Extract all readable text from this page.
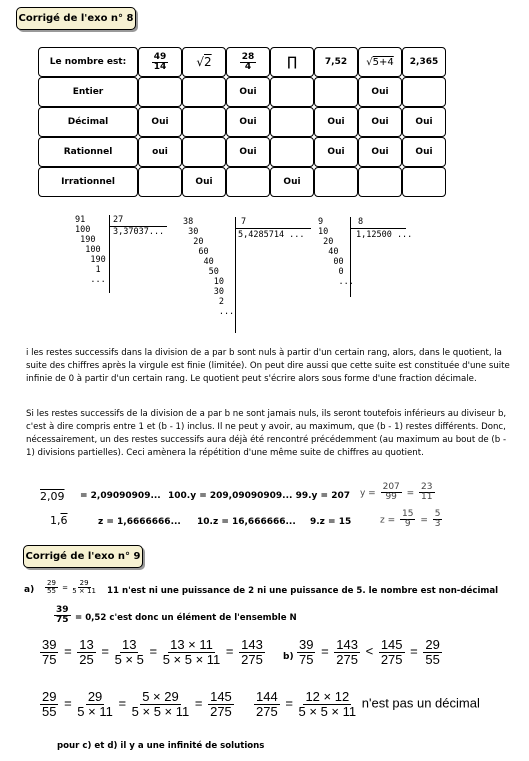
Corrigé de l'exo n° 8
Le nombre est:	$\frac{49}{14}$	√2	$\frac{28}{4}$	∏	7,52	√5+4	2,365
Entier			Oui			Oui	
Décimal	Oui		Oui		Oui	Oui	Oui
Rationnel	oui		Oui		Oui	Oui	Oui
Irrationnel		Oui		Oui			
91
100
190
100
190
1
...
27
3,37037...
38
30
20
60
40
50
10
30
2
...
7
5,4285714 ...
9
10
20
40
00
0
...
8
1,12500 ...
i les restes successifs dans la division de a par b sont nuls à partir d'un certain rang, alors, dans le quotient, la suite des chiffres après la virgule est finie (limitée). On peut dire aussi que cette suite est constituée d'une suite infinie de 0 à partir d'un certain rang. Le quotient peut s'écrire alors sous forme d'une fraction décimale.
Si les restes successifs de la division de a par b ne sont jamais nuls, ils seront toutefois inférieurs au diviseur b, c'est à dire compris entre 1 et (b - 1) inclus. Il ne peut y avoir, au maximum, que (b - 1) restes différents. Donc, nécessairement, un des restes successifs aura déjà été rencontré précédemment (au maximum au bout de (b - 1) divisions partielles). Ceci amènera la répétition d'une même suite de chiffres au quotient.
2,09 = 2,09090909... 100.y = 209,09090909... 99.y = 207 $y = \frac{207}{99} = \frac{23}{11}$
1,6	z = 1,6666666... 10.z = 16,666666... 9.z = 15	$z = \frac{15}{9} = \frac{5}{3}$
Corrigé de l'exo n° 9
$a) \frac{29}{55} = \frac{29}{5 \times 11} 11$ n'est ni une puissance de 2 ni une puissance de 5. le nombre est non-décimal
$\frac{39}{75} = 0,52$ c'est donc un élément de l'ensemble N
$\frac{39}{75} = \frac{13}{25} = \frac{13}{5 \times 5} = \frac{13 \times 11}{5 \times 5 \times 11} = \frac{143}{275} b) \frac{39}{75} = \frac{143}{275} < \frac{145}{275} = \frac{29}{55}$
$\frac{29}{55} = \frac{29}{5 \times 11} = \frac{5 \times 29}{5 \times 5 \times 11} = \frac{145}{275} \frac{144}{275} = \frac{12 \times 12}{5 \times 5 \times 11} n'est$ pas un décimal
pour c) et d) il y a une infinité de solutions
